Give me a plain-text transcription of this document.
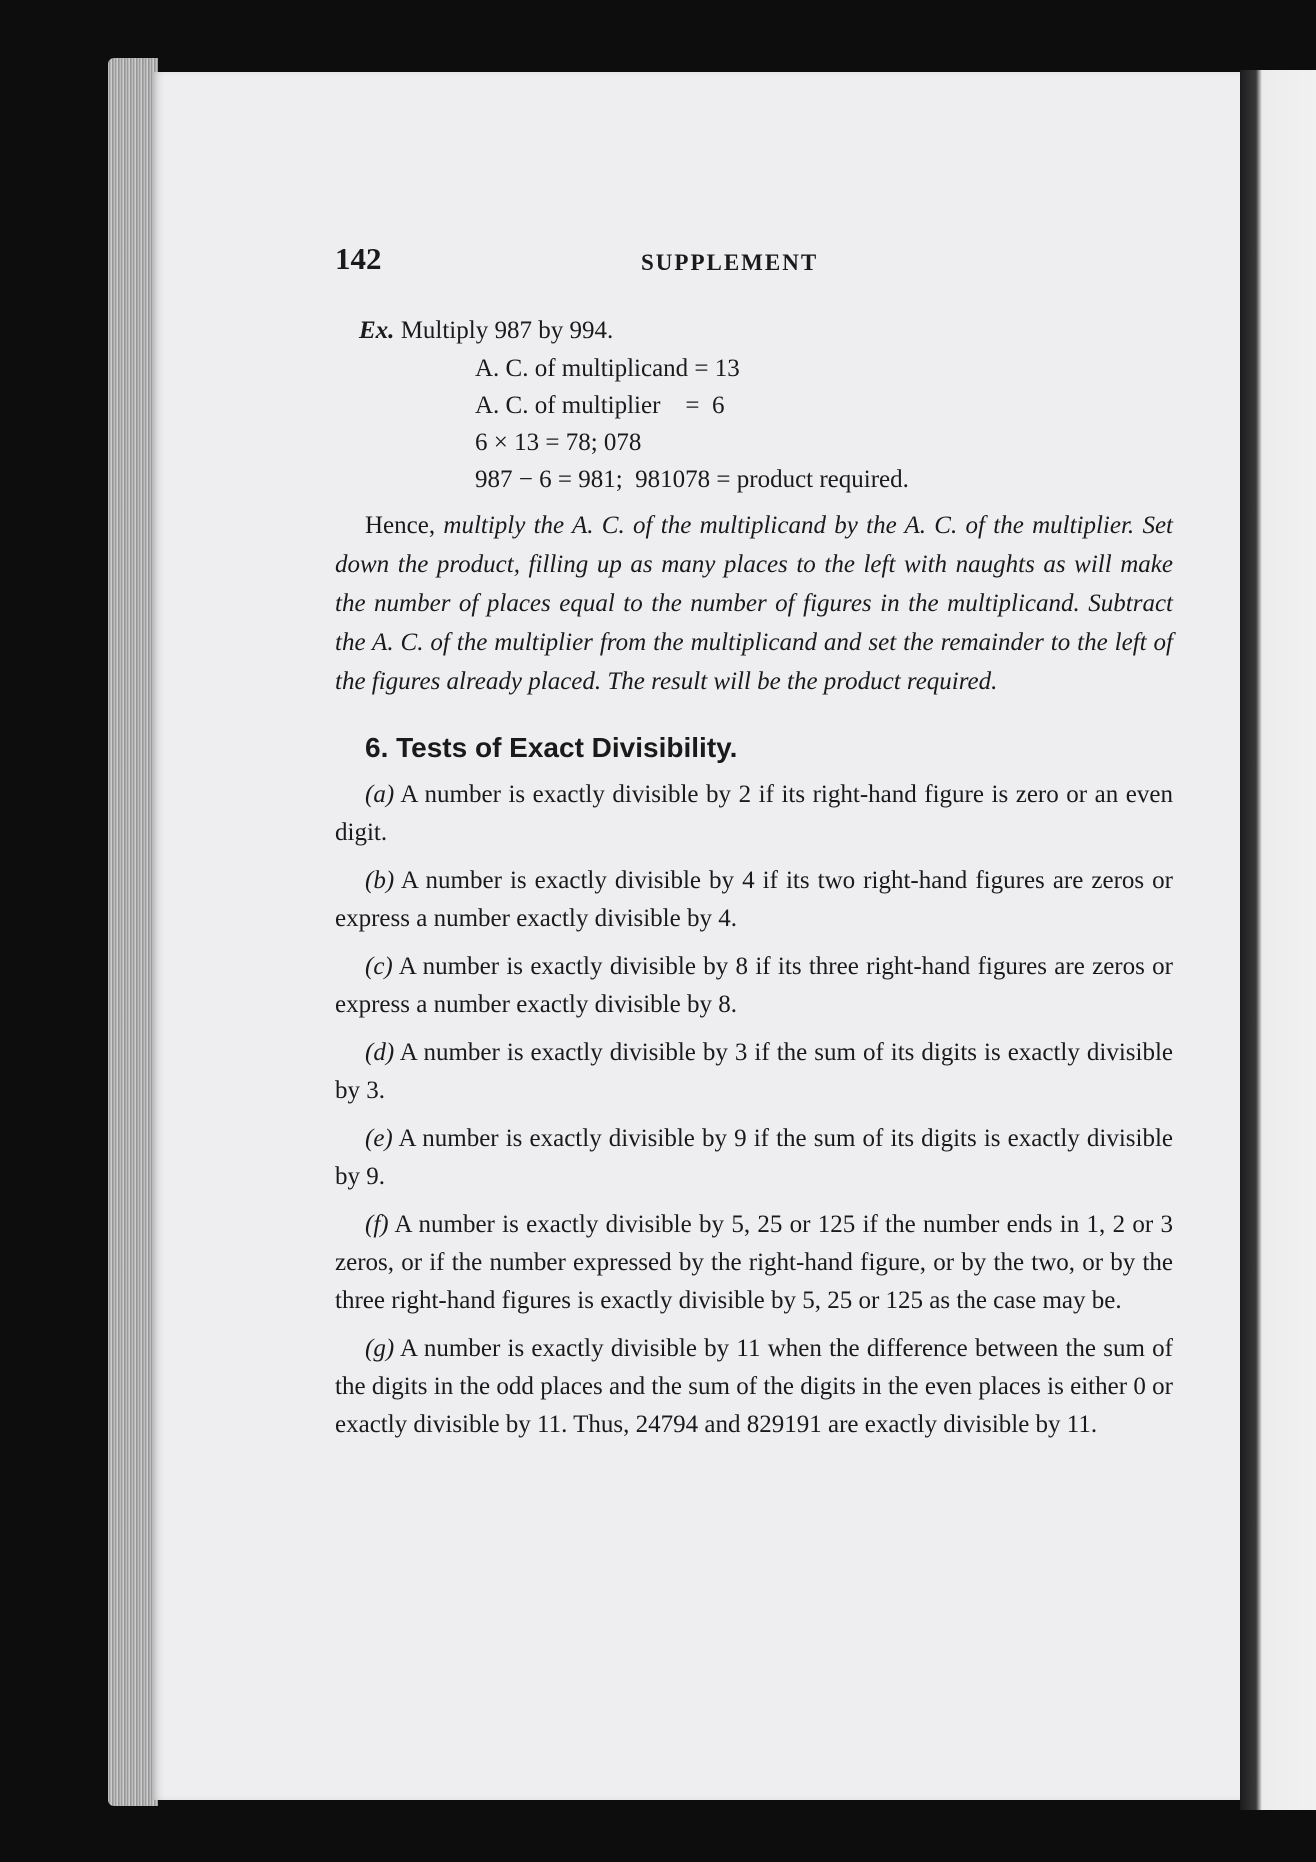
142	SUPPLEMENT
Ex. Multiply 987 by 994.
A. C. of multiplicand = 13
A. C. of multiplier    =  6
6 × 13 = 78; 078
987 − 6 = 981;  981078 = product required.

Hence, multiply the A. C. of the multiplicand by the A. C. of the multiplier. Set down the product, filling up as many places to the left with naughts as will make the number of places equal to the number of figures in the multiplicand. Subtract the A. C. of the multiplier from the multiplicand and set the remainder to the left of the figures already placed. The result will be the product required.

6. Tests of Exact Divisibility.

(a) A number is exactly divisible by 2 if its right-hand figure is zero or an even digit.

(b) A number is exactly divisible by 4 if its two right-hand figures are zeros or express a number exactly divisible by 4.

(c) A number is exactly divisible by 8 if its three right-hand figures are zeros or express a number exactly divisible by 8.

(d) A number is exactly divisible by 3 if the sum of its digits is exactly divisible by 3.

(e) A number is exactly divisible by 9 if the sum of its digits is exactly divisible by 9.

(f) A number is exactly divisible by 5, 25 or 125 if the number ends in 1, 2 or 3 zeros, or if the number expressed by the right-hand figure, or by the two, or by the three right-hand figures is exactly divisible by 5, 25 or 125 as the case may be.

(g) A number is exactly divisible by 11 when the difference between the sum of the digits in the odd places and the sum of the digits in the even places is either 0 or exactly divisible by 11. Thus, 24794 and 829191 are exactly divisible by 11.
